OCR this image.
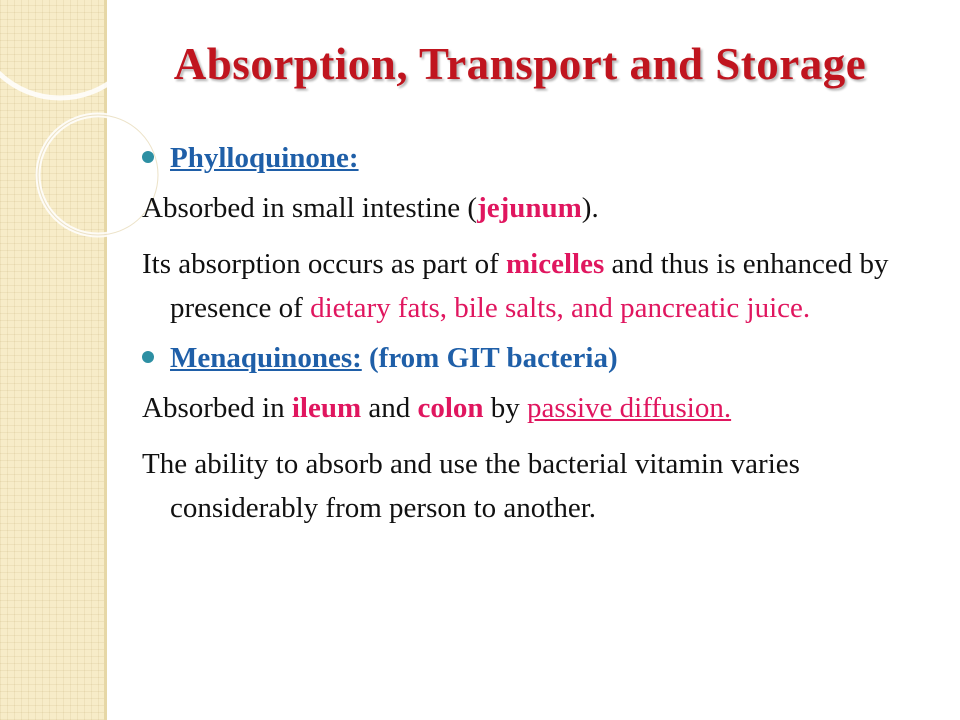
Absorption, Transport and Storage
Phylloquinone:

Absorbed in small intestine (jejunum).

Its absorption occurs as part of micelles and thus is enhanced by presence of dietary fats, bile salts, and pancreatic juice.

Menaquinones: (from GIT bacteria)

Absorbed in ileum and colon by passive diffusion.

The ability to absorb and use the bacterial vitamin varies considerably from person to another.
